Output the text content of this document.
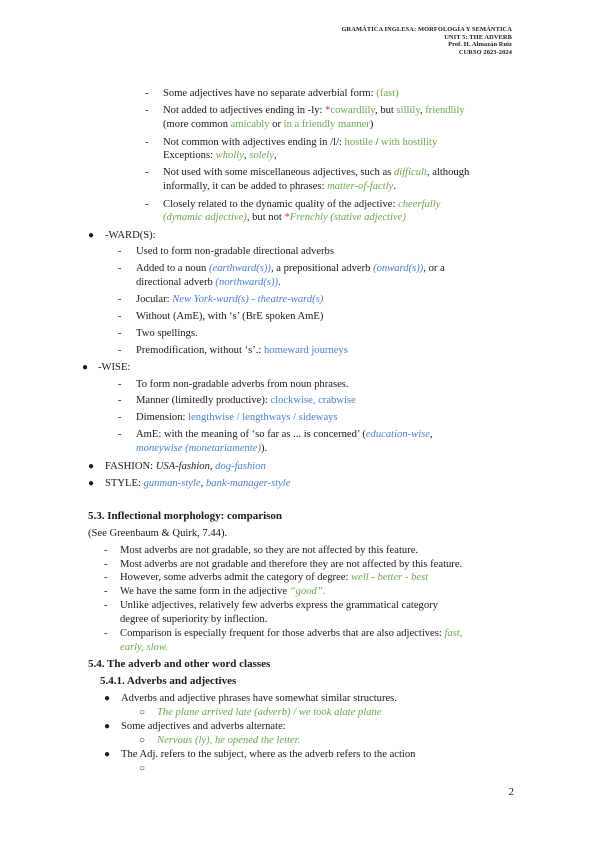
GRAMÁTICA INGLESA: MORFOLOGÍA Y SEMÁNTICA
UNIT 5: THE ADVERB
Prof. H. Almazán Ruiz
CURSO 2023-2024
-	Some adjectives have no separate adverbial form: (fast)
-	Not added to adjectives ending in -ly: *cowardlily, but sillily, friendlily
(more common amicably or in a friendly manner)
-	Not common with adjectives ending in /l/: hostile / with hostility
Exceptions: wholly, solely,
-	Not used with some miscellaneous adjectives, such as difficult, although
informally, it can be added to phrases: matter-of-factly.
-	Closely related to the dynamic quality of the adjective: cheerfully
(dynamic adjective), but not *Frenchly (stative adjective)
●	-WARD(S):
-	Used to form non-gradable directional adverbs
-	Added to a noun (earthward(s)), a prepositional adverb (onward(s)), or a
directional adverb (northward(s)).
-	Jocular: New York-ward(s) - theatre-ward(s)
-	Without (AmE), with ‘s’ (BrE spoken AmE)
-	Two spellings.
-	Premodification, without ‘s’.: homeward journeys
● -WISE:
-	To form non-gradable adverbs from noun phrases.
-	Manner (limitedly productive): clockwise, crabwise
-	Dimension: lengthwise / lengthways / sideways
-	AmE: with the meaning of ‘so far as ... is concerned’ (education-wise,
moneywise (monetariamente)).
●	FASHION: USA-fashion, dog-fashion
●	STYLE: gunman-style, bank-manager-style
5.3. Inflectional morphology: comparison
(See Greenbaum & Quirk, 7.44).
-	Most adverbs are not gradable, so they are not affected by this feature.
-	Most adverbs are not gradable and therefore they are not affected by this feature.
-	However, some adverbs admit the category of degree: well - better - best
-	We have the same form in the adjective “good”.
-	Unlike adjectives, relatively few adverbs express the grammatical category
degree of superiority by inflection.
-	Comparison is especially frequent for those adverbs that are also adjectives: fast,
early, slow.
5.4. The adverb and other word classes
5.4.1. Adverbs and adjectives
●	Adverbs and adjective phrases have somewhat similar structures.
○	The plane arrived late (adverb) / we took alate plane
●	Some adjectives and adverbs alternate:
○	Nervous (ly), he opened the letter.
●	The Adj. refers to the subject, where as the adverb refers to the action
○
2
